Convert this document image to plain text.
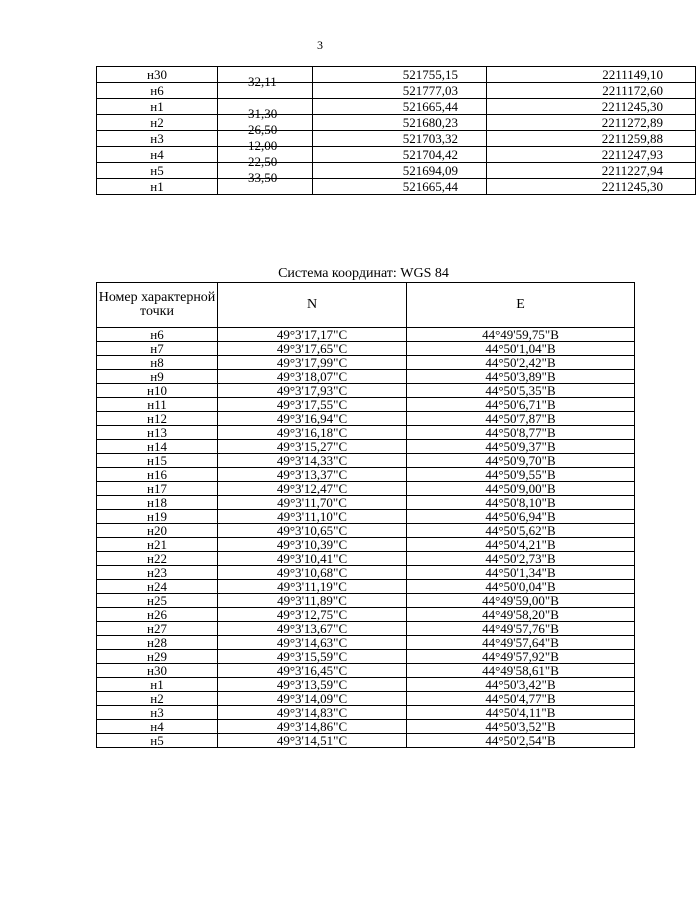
3
н30	32,11	521755,15	2211149,10
н6		521777,03	2211172,60
н1	31,30	521665,44	2211245,30
н2	26,50	521680,23	2211272,89
н3	12,00	521703,32	2211259,88
н4	22,50	521704,42	2211247,93
н5	33,50	521694,09	2211227,94
н1		521665,44	2211245,30
Система координат: WGS 84
Номер характерной точки	N	E
н6	49°3'17,17"С	44°49'59,75"В
н7	49°3'17,65"С	44°50'1,04"В
н8	49°3'17,99"С	44°50'2,42"В
н9	49°3'18,07"С	44°50'3,89"В
н10	49°3'17,93"С	44°50'5,35"В
н11	49°3'17,55"С	44°50'6,71"В
н12	49°3'16,94"С	44°50'7,87"В
н13	49°3'16,18"С	44°50'8,77"В
н14	49°3'15,27"С	44°50'9,37"В
н15	49°3'14,33"С	44°50'9,70"В
н16	49°3'13,37"С	44°50'9,55"В
н17	49°3'12,47"С	44°50'9,00"В
н18	49°3'11,70"С	44°50'8,10"В
н19	49°3'11,10"С	44°50'6,94"В
н20	49°3'10,65"С	44°50'5,62"В
н21	49°3'10,39"С	44°50'4,21"В
н22	49°3'10,41"С	44°50'2,73"В
н23	49°3'10,68"С	44°50'1,34"В
н24	49°3'11,19"С	44°50'0,04"В
н25	49°3'11,89"С	44°49'59,00"В
н26	49°3'12,75"С	44°49'58,20"В
н27	49°3'13,67"С	44°49'57,76"В
н28	49°3'14,63"С	44°49'57,64"В
н29	49°3'15,59"С	44°49'57,92"В
н30	49°3'16,45"С	44°49'58,61"В
н1	49°3'13,59"С	44°50'3,42"В
н2	49°3'14,09"С	44°50'4,77"В
н3	49°3'14,83"С	44°50'4,11"В
н4	49°3'14,86"С	44°50'3,52"В
н5	49°3'14,51"С	44°50'2,54"В
